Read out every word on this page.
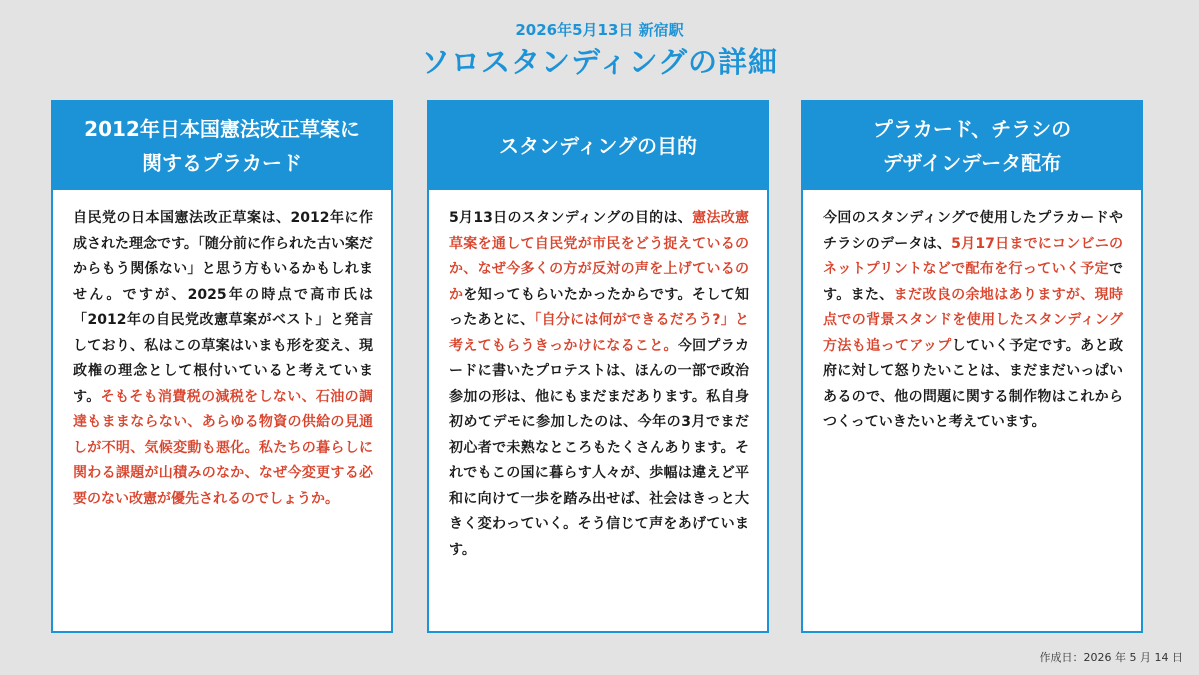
2026年5月13日 新宿駅
ソロスタンディングの詳細
2012年日本国憲法改正草案に
関するプラカード
自民党の日本国憲法改正草案は、2012年に作成された理念です。「随分前に作られた古い案だからもう関係ない」と思う方もいるかもしれません。ですが、2025年の時点で高市氏は「2012年の自民党改憲草案がベスト」と発言しており、私はこの草案はいまも形を変え、現政権の理念として根付いていると考えています。そもそも消費税の減税をしない、石油の調達もままならない、あらゆる物資の供給の見通しが不明、気候変動も悪化。私たちの暮らしに関わる課題が山積みのなか、なぜ今変更する必要のない改憲が優先されるのでしょうか。
スタンディングの目的
5月13日のスタンディングの目的は、憲法改憲草案を通して自民党が市民をどう捉えているのか、なぜ今多くの方が反対の声を上げているのかを知ってもらいたかったからです。そして知ったあとに、「自分には何ができるだろう?」と考えてもらうきっかけになること。今回プラカードに書いたプロテストは、ほんの一部で政治参加の形は、他にもまだまだあります。私自身初めてデモに参加したのは、今年の3月でまだ初心者で未熟なところもたくさんあります。それでもこの国に暮らす人々が、歩幅は違えど平和に向けて一歩を踏み出せば、社会はきっと大きく変わっていく。そう信じて声をあげています。
プラカード、チラシの
デザインデータ配布
今回のスタンディングで使用したプラカードやチラシのデータは、5月17日までにコンビニのネットプリントなどで配布を行っていく予定です。また、まだ改良の余地はありますが、現時点での背景スタンドを使用したスタンディング方法も追ってアップしていく予定です。あと政府に対して怒りたいことは、まだまだいっぱいあるので、他の問題に関する制作物はこれからつくっていきたいと考えています。
作成日：2026 年 5 月 14 日
